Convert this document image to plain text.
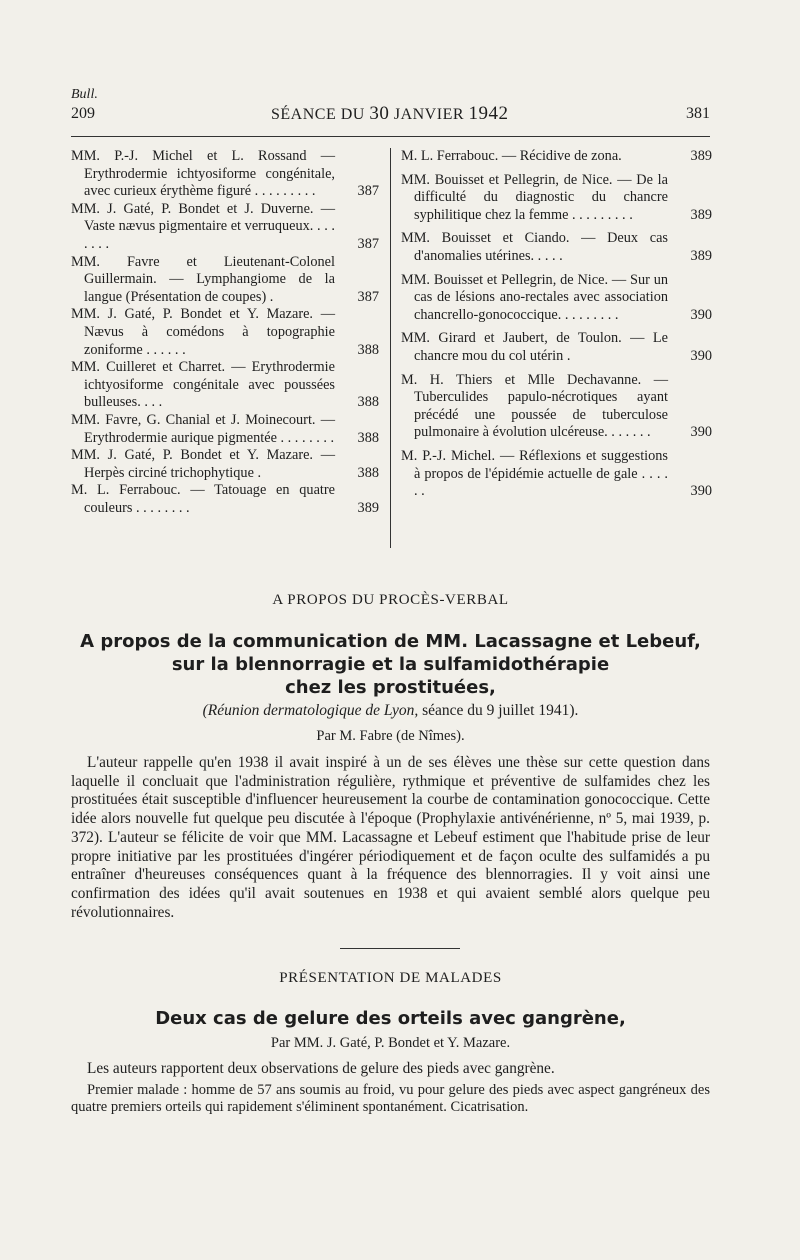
Bull.
209	SÉANCE DU 30 JANVIER 1942	381
MM. P.-J. Michel et L. Rossand — Erythrodermie ichtyosiforme congénitale, avec curieux érythème figuré . . . . . . . . .	387
MM. J. Gaté, P. Bondet et J. Duverne. — Vaste nævus pigmentaire et verruqueux. . . . . . . .	387
MM. Favre et Lieutenant-Colonel Guillermain. — Lymphangiome de la langue (Présentation de coupes) .	387
MM. J. Gaté, P. Bondet et Y. Mazare. — Nævus à comédons à topographie zoniforme . . . . . .	388
MM. Cuilleret et Charret. — Erythrodermie ichtyosiforme congénitale avec poussées bulleuses. . . .	388
MM. Favre, G. Chanial et J. Moinecourt. — Erythrodermie aurique pigmentée . . . . . . . .	388
MM. J. Gaté, P. Bondet et Y. Mazare. — Herpès circiné trichophytique .	388
M. L. Ferrabouc. — Tatouage en quatre couleurs . . . . . . . .	389
M. L. Ferrabouc. — Récidive de zona.	389
MM. Bouisset et Pellegrin, de Nice. — De la difficulté du diagnostic du chancre syphilitique chez la femme . . . . . . . . .	389
MM. Bouisset et Ciando. — Deux cas d'anomalies utérines. . . . .	389
MM. Bouisset et Pellegrin, de Nice. — Sur un cas de lésions ano-rectales avec association chancrello-gonococcique. . . . . . . . .	390
MM. Girard et Jaubert, de Toulon. — Le chancre mou du col utérin .	390
M. H. Thiers et Mlle Dechavanne. — Tuberculides papulo-nécrotiques ayant précédé une poussée de tuberculose pulmonaire à évolution ulcéreuse. . . . . . .	390
M. P.-J. Michel. — Réflexions et suggestions à propos de l'épidémie actuelle de gale . . . . . .	390
A PROPOS DU PROCÈS-VERBAL
A propos de la communication de MM. Lacassagne et Lebeuf,
sur la blennorragie et la sulfamidothérapie
chez les prostituées,
(Réunion dermatologique de Lyon, séance du 9 juillet 1941).
Par M. Fabre (de Nîmes).
L'auteur rappelle qu'en 1938 il avait inspiré à un de ses élèves une thèse sur cette question dans laquelle il concluait que l'administration régulière, rythmique et préventive de sulfamides chez les prostituées était susceptible d'influencer heureusement la courbe de contamination gonococcique. Cette idée alors nouvelle fut quelque peu discutée à l'époque (Prophylaxie antivénérienne, nº 5, mai 1939, p. 372). L'auteur se félicite de voir que MM. Lacassagne et Lebeuf estiment que l'habitude prise de leur propre initiative par les prostituées d'ingérer périodiquement et de façon oculte des sulfamidés a pu entraîner d'heureuses conséquences quant à la fréquence des blennorragies. Il y voit ainsi une confirmation des idées qu'il avait soutenues en 1938 et qui avaient semblé alors quelque peu révolutionnaires.
PRÉSENTATION DE MALADES
Deux cas de gelure des orteils avec gangrène,
Par MM. J. Gaté, P. Bondet et Y. Mazare.
Les auteurs rapportent deux observations de gelure des pieds avec gangrène.
Premier malade : homme de 57 ans soumis au froid, vu pour gelure des pieds avec aspect gangréneux des quatre premiers orteils qui rapidement s'éliminent spontanément. Cicatrisation.
